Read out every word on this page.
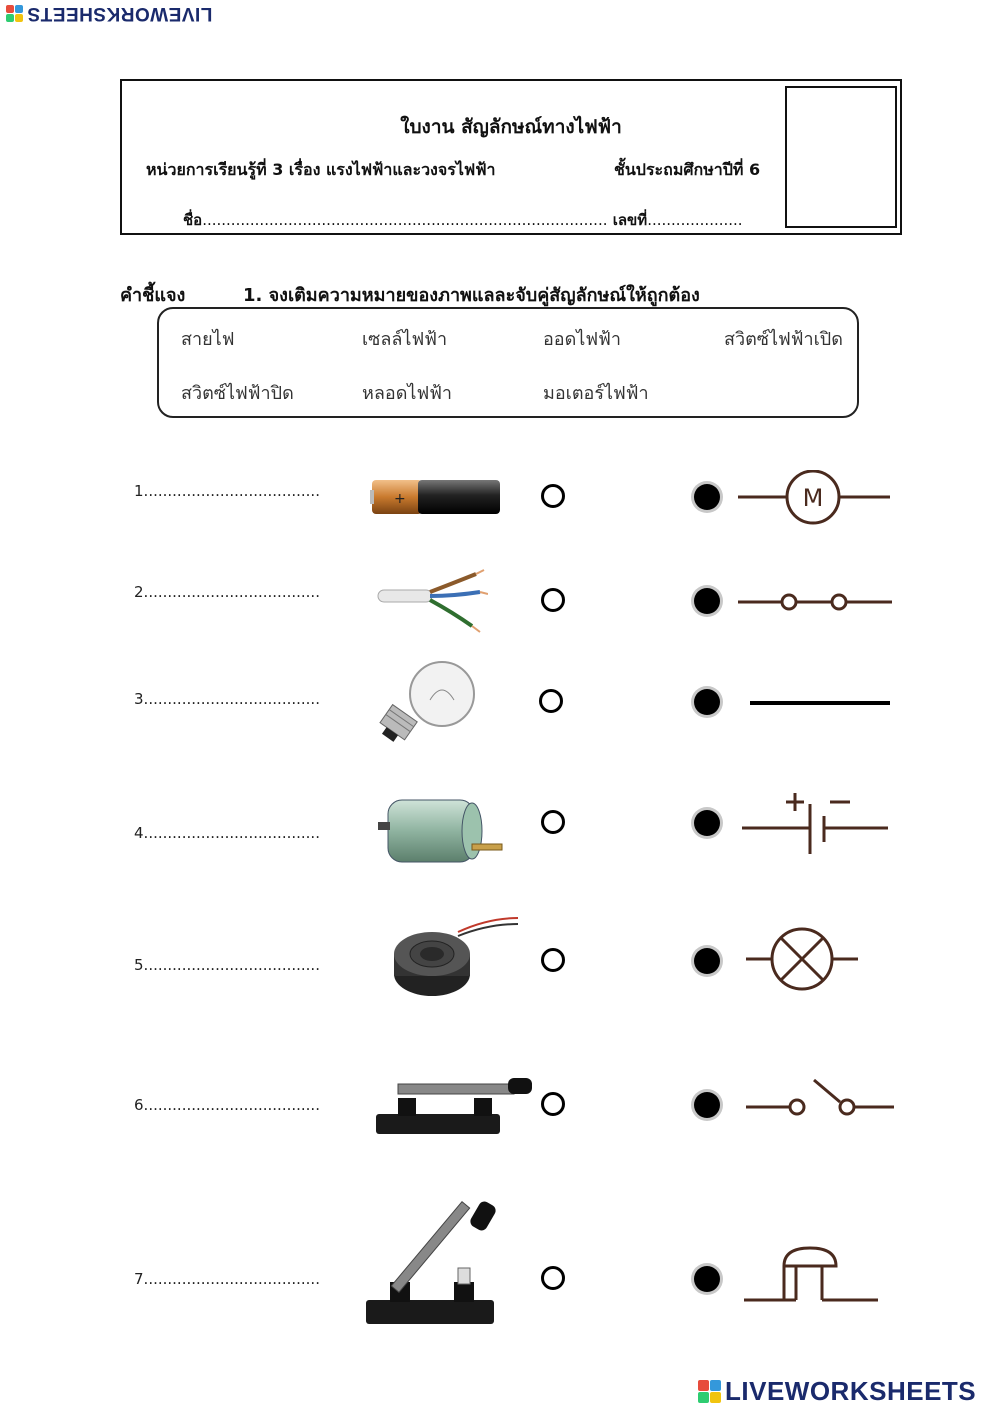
LIVEWORKSHEETS
ใบงาน สัญลักษณ์ทางไฟฟ้า
หน่วยการเรียนรู้ที่ 3 เรื่อง แรงไฟฟ้าและวงจรไฟฟ้า	ชั้นประถมศึกษาปีที่ 6
ชื่อ..................................................................................... เลขที่....................
คำชี้แจง	1. จงเติมความหมายของภาพแลละจับคู่สัญลักษณ์ให้ถูกต้อง
สายไฟ	เซลล์ไฟฟ้า	ออดไฟฟ้า	สวิตซ์ไฟฟ้าเปิด
สวิตซ์ไฟฟ้าปิด	หลอดไฟฟ้า	มอเตอร์ไฟฟ้า
1.....................................	+	M
2.....................................
3.....................................
4.....................................
5.....................................
6.....................................
7.....................................
LIVEWORKSHEETS
